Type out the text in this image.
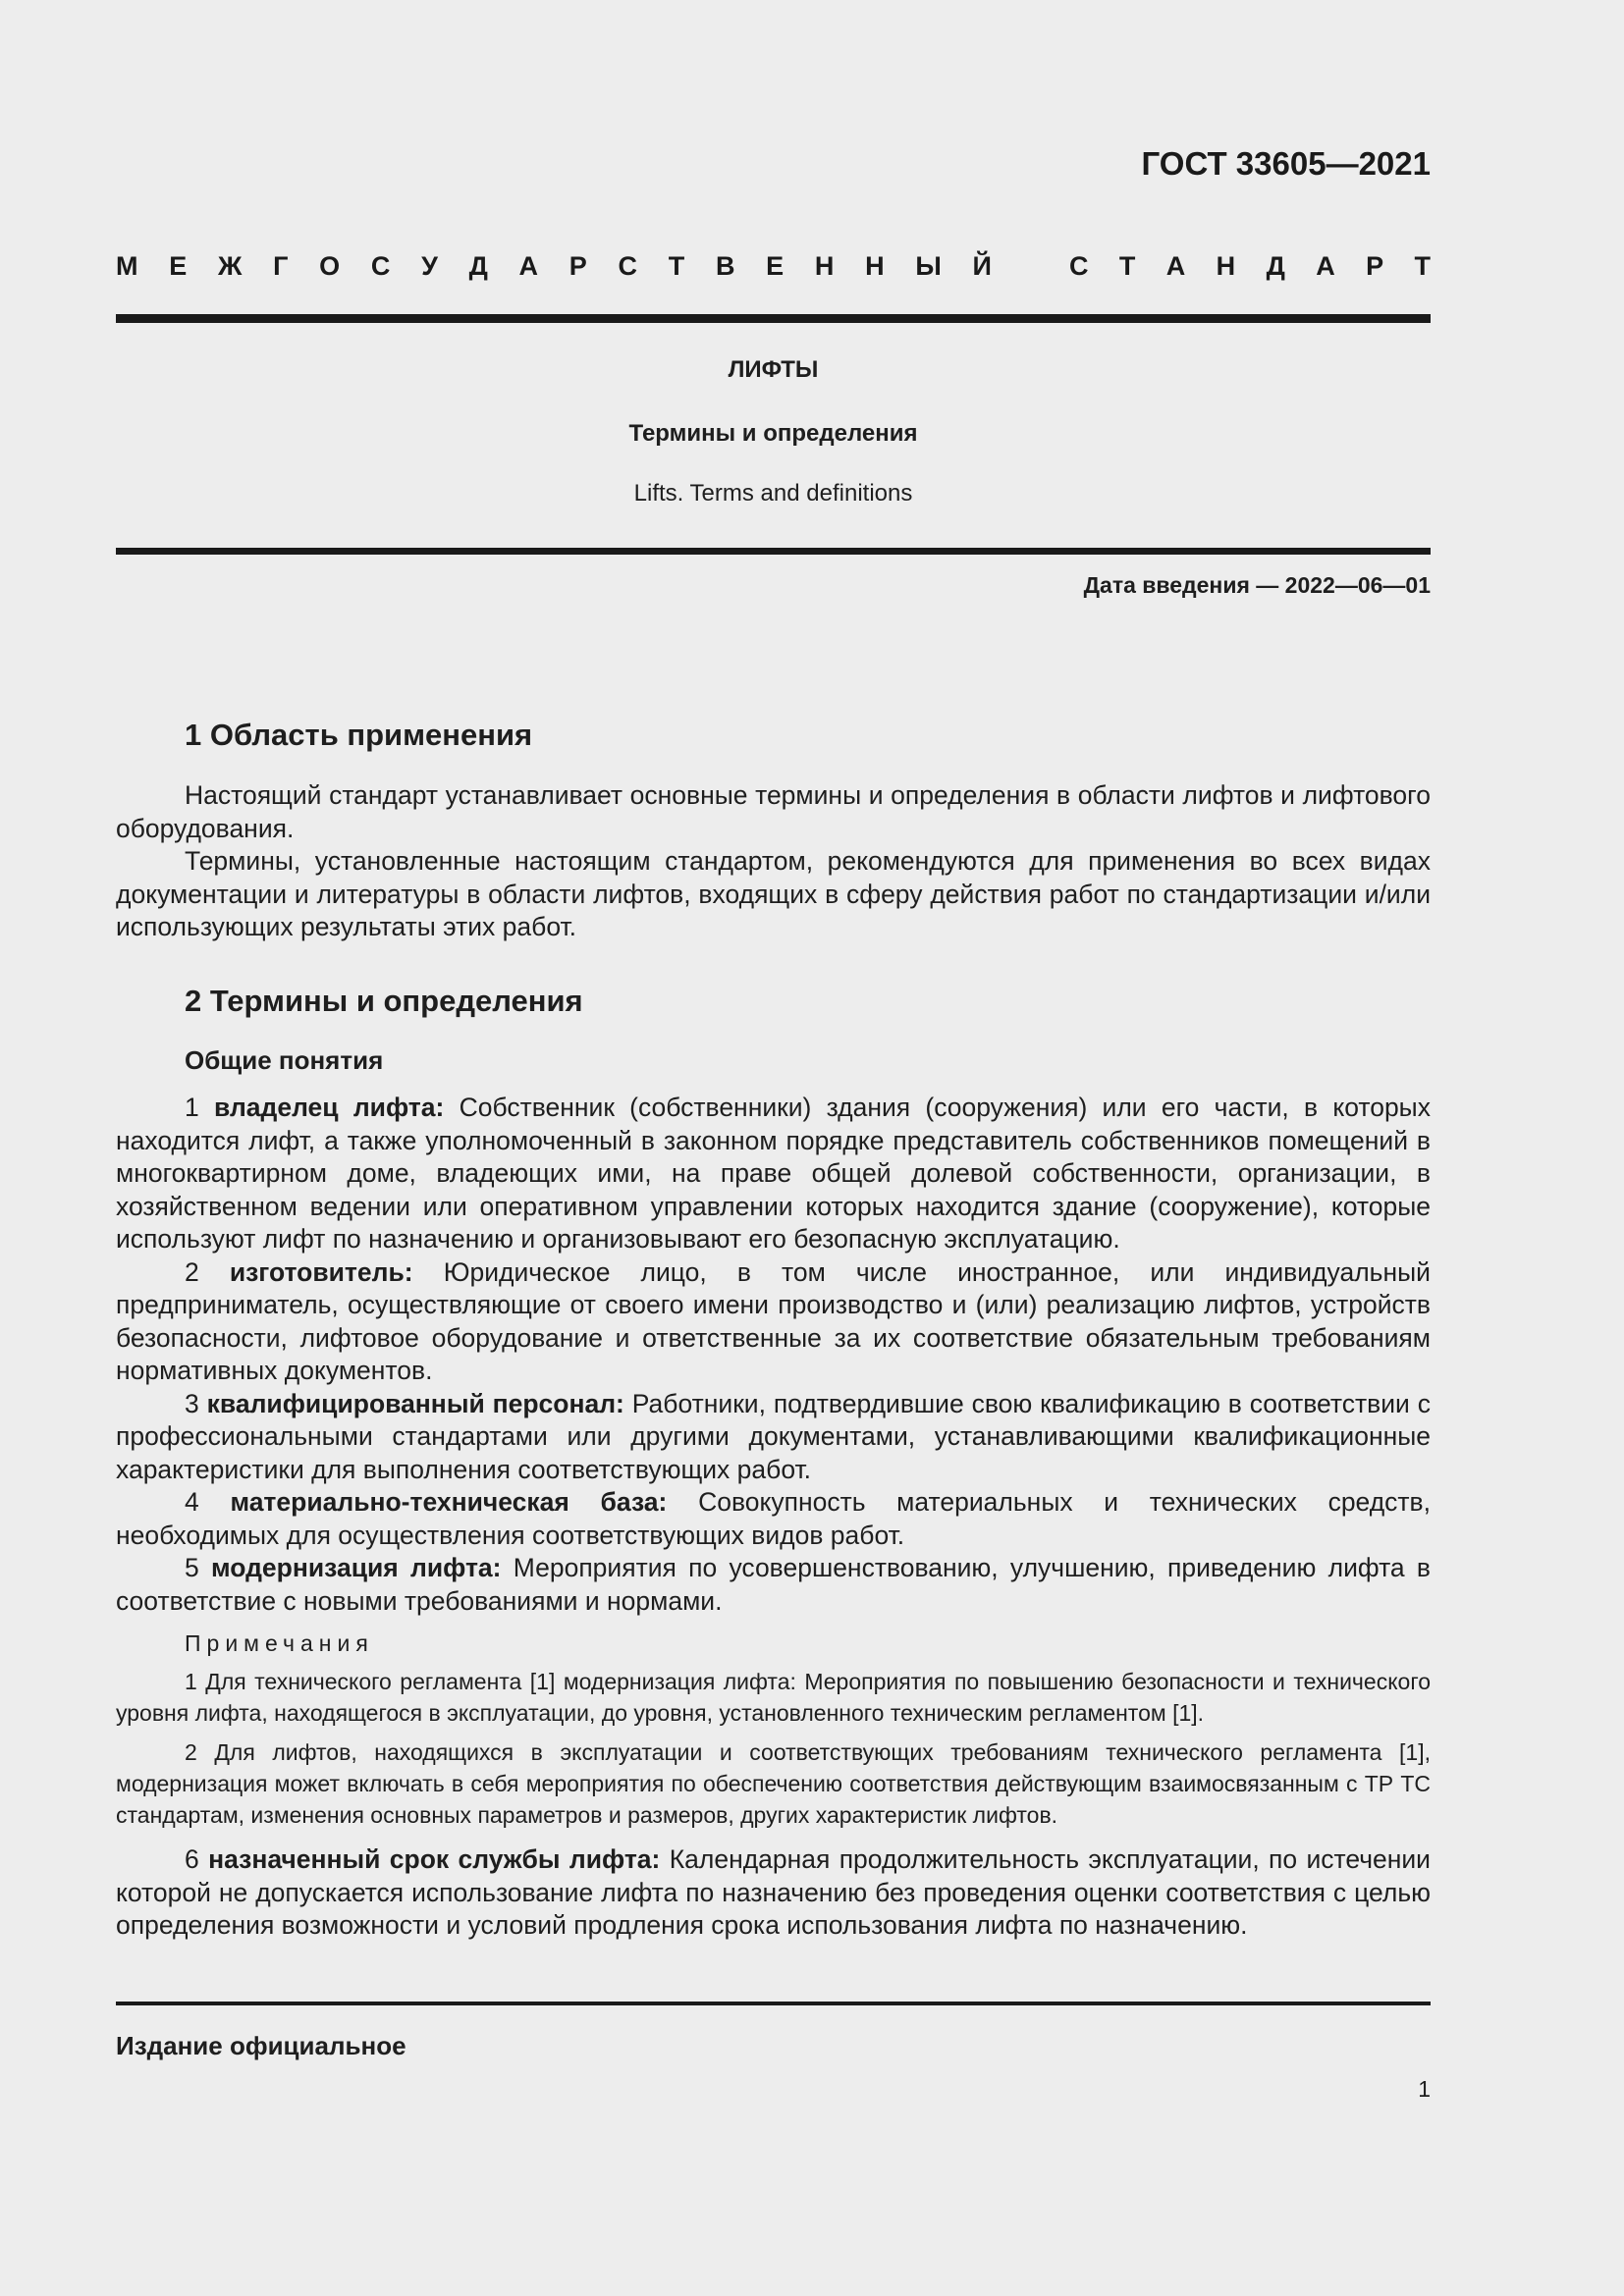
ГОСТ 33605—2021

М Е Ж Г О С У Д А Р С Т В Е Н Н Ы Й	С Т А Н Д А Р Т

ЛИФТЫ

Термины и определения

Lifts. Terms and definitions

Дата введения — 2022—06—01

1 Область применения

Настоящий стандарт устанавливает основные термины и определения в области лифтов и лифтового оборудования.

Термины, установленные настоящим стандартом, рекомендуются для применения во всех видах документации и литературы в области лифтов, входящих в сферу действия работ по стандартизации и/или использующих результаты этих работ.

2 Термины и определения
Общие понятия

1 владелец лифта: Собственник (собственники) здания (сооружения) или его части, в которых находится лифт, а также уполномоченный в законном порядке представитель собственников помещений в многоквартирном доме, владеющих ими, на праве общей долевой собственности, организации, в хозяйственном ведении или оперативном управлении которых находится здание (сооружение), которые используют лифт по назначению и организовывают его безопасную эксплуатацию.

2 изготовитель: Юридическое лицо, в том числе иностранное, или индивидуальный предприниматель, осуществляющие от своего имени производство и (или) реализацию лифтов, устройств безопасности, лифтовое оборудование и ответственные за их соответствие обязательным требованиям нормативных документов.

3 квалифицированный персонал: Работники, подтвердившие свою квалификацию в соответствии с профессиональными стандартами или другими документами, устанавливающими квалификационные характеристики для выполнения соответствующих работ.

4 материально-техническая база: Совокупность материальных и технических средств, необходимых для осуществления соответствующих видов работ.

5 модернизация лифта: Мероприятия по усовершенствованию, улучшению, приведению лифта в соответствие с новыми требованиями и нормами.

Примечания

1 Для технического регламента [1] модернизация лифта: Мероприятия по повышению безопасности и технического уровня лифта, находящегося в эксплуатации, до уровня, установленного техническим регламентом [1].

2 Для лифтов, находящихся в эксплуатации и соответствующих требованиям технического регламента [1], модернизация может включать в себя мероприятия по обеспечению соответствия действующим взаимосвязанным с ТР ТС стандартам, изменения основных параметров и размеров, других характеристик лифтов.

6 назначенный срок службы лифта: Календарная продолжительность эксплуатации, по истечении которой не допускается использование лифта по назначению без проведения оценки соответствия с целью определения возможности и условий продления срока использования лифта по назначению.

Издание официальное

1
